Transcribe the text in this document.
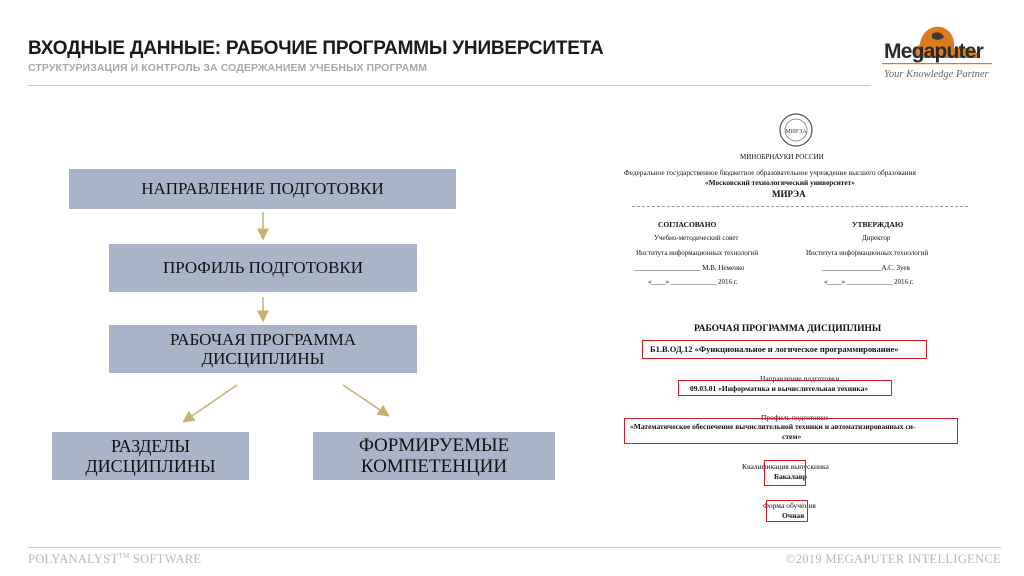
ВХОДНЫЕ ДАННЫЕ: РАБОЧИЕ ПРОГРАММЫ УНИВЕРСИТЕТА
СТРУКТУРИЗАЦИЯ И КОНТРОЛЬ ЗА СОДЕРЖАНИЕМ УЧЕБНЫХ ПРОГРАММ
Megaputer
Your Knowledge Partner
НАПРАВЛЕНИЕ ПОДГОТОВКИ
ПРОФИЛЬ ПОДГОТОВКИ
РАБОЧАЯ ПРОГРАММА ДИСЦИПЛИНЫ
РАЗДЕЛЫ ДИСЦИПЛИНЫ
ФОРМИРУЕМЫЕ КОМПЕТЕНЦИИ
МИРЭА
МИНОБРНАУКИ РОССИИ
Федеральное государственное бюджетное образовательное учреждение высшего образования
«Московский технологический университет»
МИРЭА
СОГЛАСОВАНО
Учебно-методический совет
Института информационных технологий
___________________ М.В. Неменко
«____» _____________ 2016 г.
УТВЕРЖДАЮ
Директор
Института информационных технологий
_________________А.С. Зуев
«____» _____________ 2016 г.
РАБОЧАЯ ПРОГРАММА ДИСЦИПЛИНЫ
Б1.В.ОД.12 «Функциональное и логическое программирование»
Направление подготовки
09.03.01 «Информатика и вычислительная техника»
Профиль подготовки
«Математическое обеспечение вычислительной техники и автоматизированных си-
стем»
Квалификация выпускника
Бакалавр
Форма обучения
Очная
POLYANALYST™ SOFTWARE	©2019 MEGAPUTER INTELLIGENCE
